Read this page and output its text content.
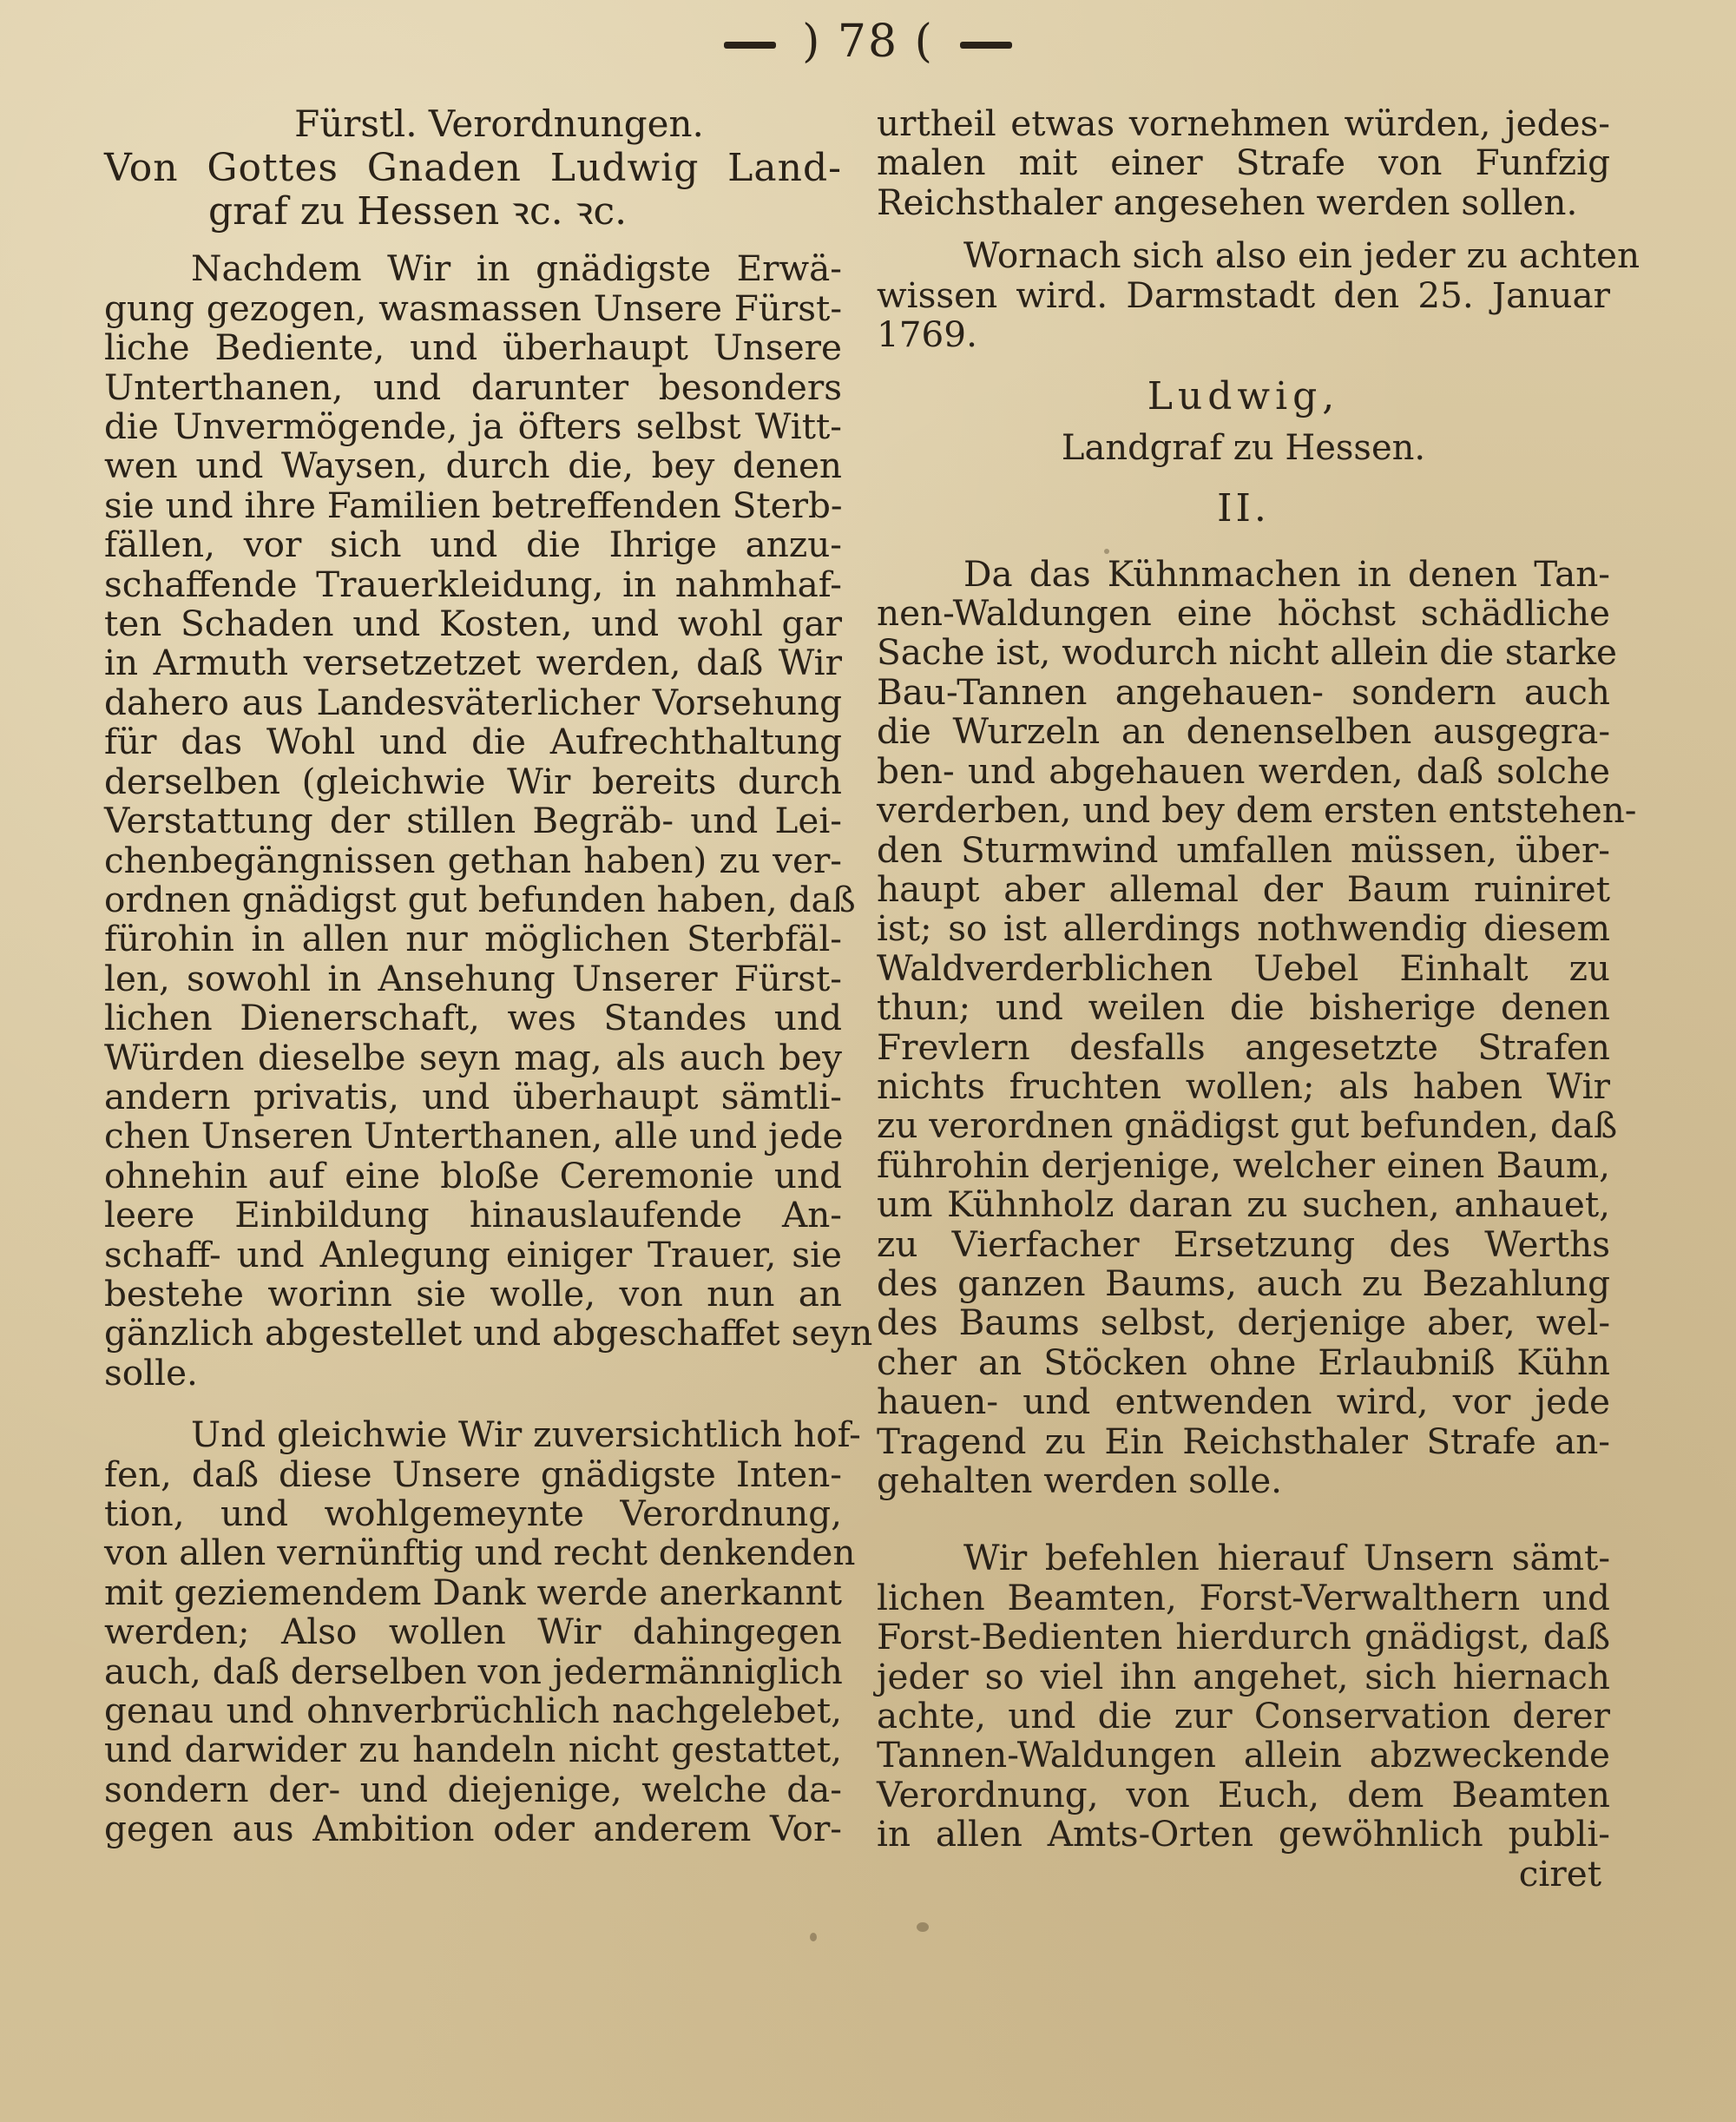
) 78 (
Fürstl. Verordnungen.
Von Gottes Gnaden Ludwig Land-
graf zu Hessen ꝛc. ꝛc.
Nachdem Wir in gnädigste Erwä-
gung gezogen, wasmassen Unsere Fürst-
liche Bediente, und überhaupt Unsere
Unterthanen, und darunter besonders
die Unvermögende, ja öfters selbst Witt-
wen und Waysen, durch die, bey denen
sie und ihre Familien betreffenden Sterb-
fällen, vor sich und die Ihrige anzu-
schaffende Trauerkleidung, in nahmhaf-
ten Schaden und Kosten, und wohl gar
in Armuth versetzetzet werden, daß Wir
dahero aus Landesväterlicher Vorsehung
für das Wohl und die Aufrechthaltung
derselben (gleichwie Wir bereits durch
Verstattung der stillen Begräb- und Lei-
chenbegängnissen gethan haben) zu ver-
ordnen gnädigst gut befunden haben, daß
fürohin in allen nur möglichen Sterbfäl-
len, sowohl in Ansehung Unserer Fürst-
lichen Dienerschaft, wes Standes und
Würden dieselbe seyn mag, als auch bey
andern privatis, und überhaupt sämtli-
chen Unseren Unterthanen, alle und jede
ohnehin auf eine bloße Ceremonie und
leere Einbildung hinauslaufende An-
schaff- und Anlegung einiger Trauer, sie
bestehe worinn sie wolle, von nun an
gänzlich abgestellet und abgeschaffet seyn
solle.
Und gleichwie Wir zuversichtlich hof-
fen, daß diese Unsere gnädigste Inten-
tion, und wohlgemeynte Verordnung,
von allen vernünftig und recht denkenden
mit geziemendem Dank werde anerkannt
werden; Also wollen Wir dahingegen
auch, daß derselben von jedermänniglich
genau und ohnverbrüchlich nachgelebet,
und darwider zu handeln nicht gestattet,
sondern der- und diejenige, welche da-
gegen aus Ambition oder anderem Vor-
urtheil etwas vornehmen würden, jedes-
malen mit einer Strafe von Funfzig
Reichsthaler angesehen werden sollen.
Wornach sich also ein jeder zu achten
wissen wird. Darmstadt den 25. Januar
1769.
Ludwig,
Landgraf zu Hessen.
II.
Da das Kühnmachen in denen Tan-
nen-Waldungen eine höchst schädliche
Sache ist, wodurch nicht allein die starke
Bau-Tannen angehauen- sondern auch
die Wurzeln an denenselben ausgegra-
ben- und abgehauen werden, daß solche
verderben, und bey dem ersten entstehen-
den Sturmwind umfallen müssen, über-
haupt aber allemal der Baum ruiniret
ist; so ist allerdings nothwendig diesem
Waldverderblichen Uebel Einhalt zu
thun; und weilen die bisherige denen
Frevlern desfalls angesetzte Strafen
nichts fruchten wollen; als haben Wir
zu verordnen gnädigst gut befunden, daß
führohin derjenige, welcher einen Baum,
um Kühnholz daran zu suchen, anhauet,
zu Vierfacher Ersetzung des Werths
des ganzen Baums, auch zu Bezahlung
des Baums selbst, derjenige aber, wel-
cher an Stöcken ohne Erlaubniß Kühn
hauen- und entwenden wird, vor jede
Tragend zu Ein Reichsthaler Strafe an-
gehalten werden solle.
Wir befehlen hierauf Unsern sämt-
lichen Beamten, Forst-Verwalthern und
Forst-Bedienten hierdurch gnädigst, daß
jeder so viel ihn angehet, sich hiernach
achte, und die zur Conservation derer
Tannen-Waldungen allein abzweckende
Verordnung, von Euch, dem Beamten
in allen Amts-Orten gewöhnlich publi-
ciret
